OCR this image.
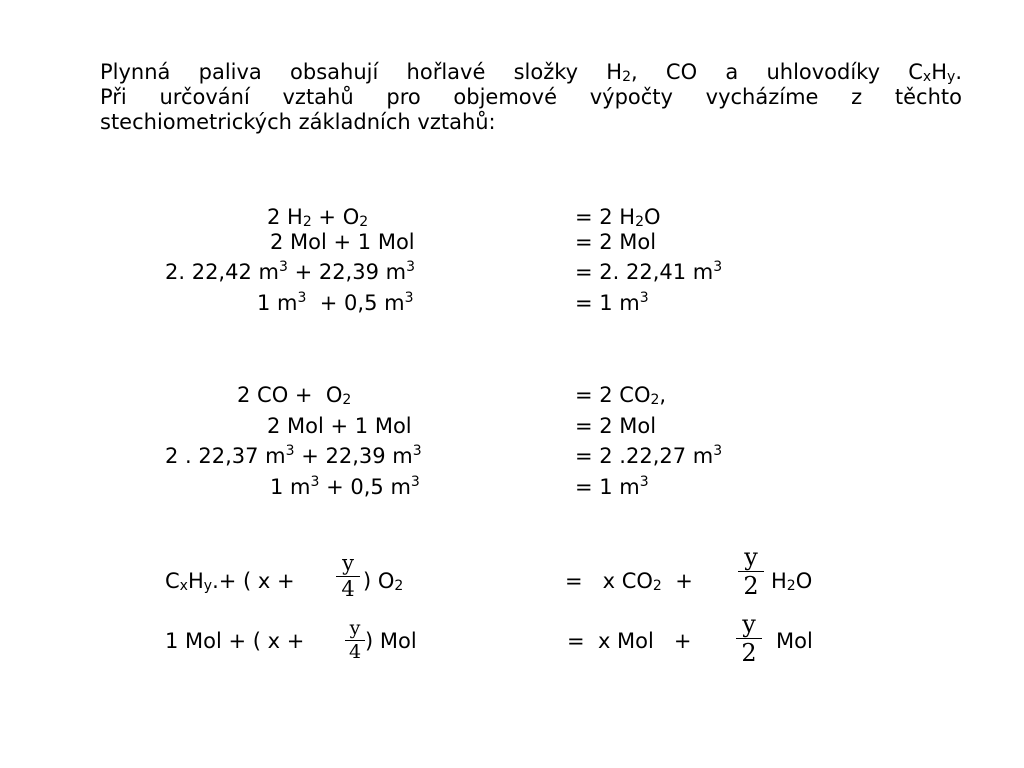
Plynná paliva obsahují hořlavé složky $H_2$, CO a uhlovodíky $C_xH_y$.
Při určování vztahů pro objemové výpočty vycházíme z těchto
stechiometrických základních vztahů:
2 $H_2 + O_2$	= 2 $H_2O$
2 Mol + 1 Mol	= 2 Mol
2. 22,42 $m^3 + 22,39$ $m^3$	= 2. 22,41 $m^3$
1 $m^3 + 0,5$ $m^3$	= 1 $m^3$
2 CO +  $O_2$	= 2 $CO_2$,
2 Mol + 1 Mol	= 2 Mol
2 . 22,37 $m^3 + 22,39$ $m^3$	= 2 .22,27 $m^3$
1 $m^3 + 0,5$ $m^3$	= 1 $m^3$
$C_xH_y.+$ ( x +	) $O_2$	=   x $CO_2$  +	$H_2O$
y
4
y
2
1 Mol + ( x +	) Mol	=  x Mol   +	Mol
y
4
y
2
